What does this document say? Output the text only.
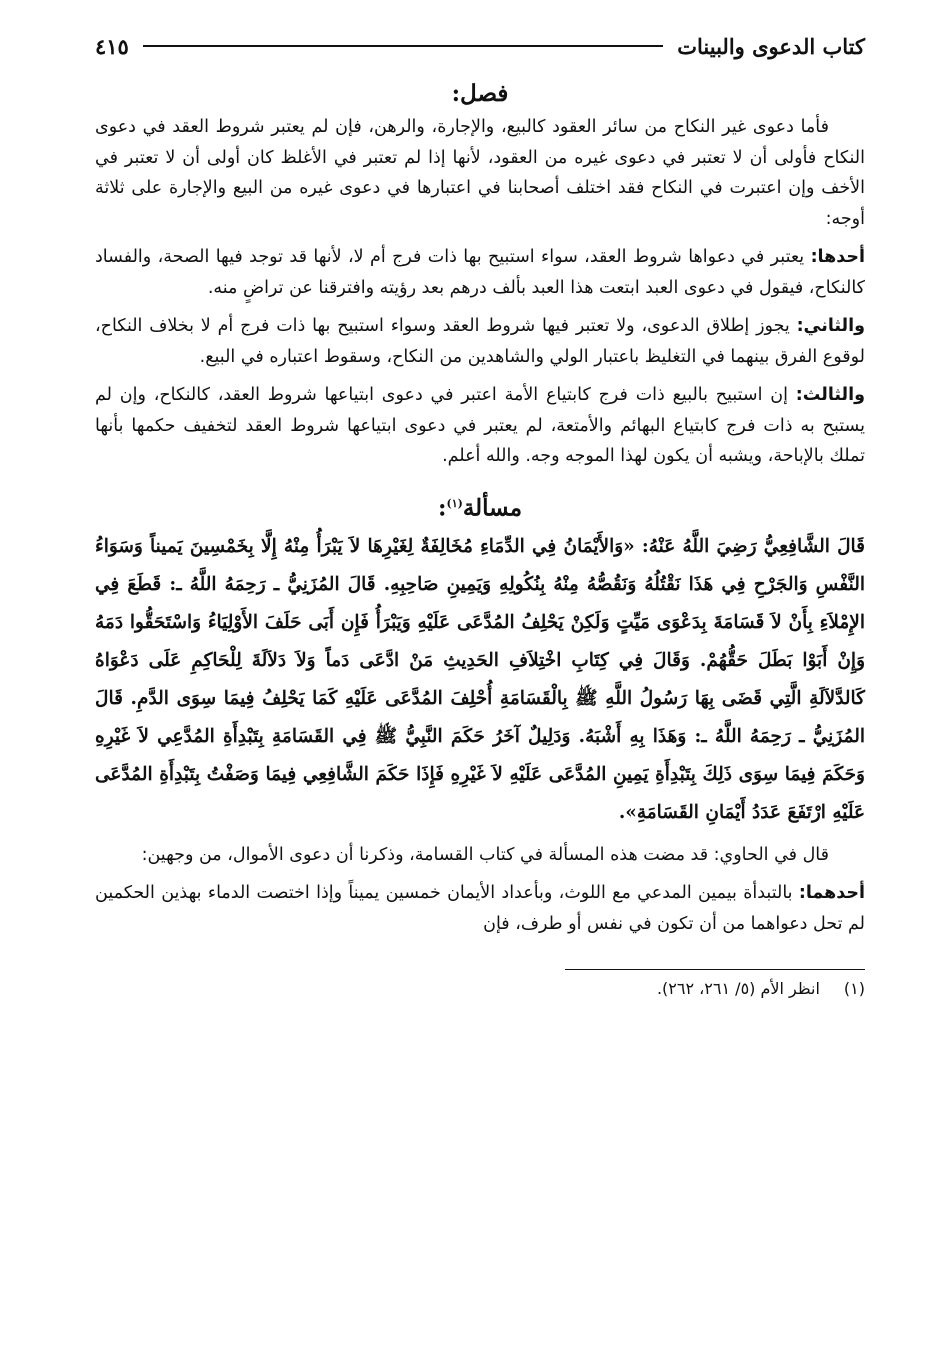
كتاب الدعوى والبينات
٤١٥
فصل:

فأما دعوى غير النكاح من سائر العقود كالبيع، والإجارة، والرهن، فإن لم يعتبر شروط العقد في دعوى النكاح فأولى أن لا تعتبر في دعوى غيره من العقود، لأنها إذا لم تعتبر في الأغلظ كان أولى أن لا تعتبر في الأخف وإن اعتبرت في النكاح فقد اختلف أصحابنا في اعتبارها في دعوى غيره من البيع والإجارة على ثلاثة أوجه:

أحدها: يعتبر في دعواها شروط العقد، سواء استبيح بها ذات فرج أم لا، لأنها قد توجد فيها الصحة، والفساد كالنكاح، فيقول في دعوى العبد ابتعت هذا العبد بألف درهم بعد رؤيته وافترقنا عن تراضٍ منه.

والثاني: يجوز إطلاق الدعوى، ولا تعتبر فيها شروط العقد وسواء استبيح بها ذات فرج أم لا بخلاف النكاح، لوقوع الفرق بينهما في التغليظ باعتبار الولي والشاهدين من النكاح، وسقوط اعتباره في البيع.

والثالث: إن استبيح بالبيع ذات فرج كابتياع الأمة اعتبر في دعوى ابتياعها شروط العقد، كالنكاح، وإن لم يستبح به ذات فرج كابتياع البهائم والأمتعة، لم يعتبر في دعوى ابتياعها شروط العقد لتخفيف حكمها بأنها تملك بالإباحة، ويشبه أن يكون لهذا الموجه وجه. والله أعلم.

مسألة$^{(١)}$:
قَالَ الشَّافِعِيُّ رَضِيَ اللَّهُ عَنْهُ: «وَالأَيْمَانُ فِي الدِّمَاءِ مُخَالِفَةٌ لِغَيْرِهَا لاَ يَبْرَأُ مِنْهُ إِلَّا بِخَمْسِينَ يَميناً وَسَوَاءُ النَّفْسِ وَالجَرْحِ فِي هَذَا نَقْتُلُهُ وَنَقُصُّهُ مِنْهُ بِنُكُولِهِ وَيَمِينِ صَاحِبِهِ. قَالَ المُزَنِيُّ ـ رَحِمَهُ اللَّهُ ـ: قَطَعَ فِي الإِمْلاَءِ بِأَنْ لاَ قَسَامَةَ بِدَعْوَى مَيِّتٍ وَلَكِنْ يَحْلِفُ المُدَّعَى عَلَيْهِ وَيَبْرَأُ فَإِن أَبَى حَلَفَ الأَوْلِيَاءُ وَاسْتَحَقُّوا دَمَهُ وَإِنْ أَبَوْا بَطَلَ حَقُّهُمْ. وَقَالَ فِي كِتَابِ اخْتِلاَفِ الحَدِيثِ مَنْ ادَّعَى دَماً وَلاَ دَلاَلَةَ لِلْحَاكِمِ عَلَى دَعْوَاهُ كَالدَّلاَلَةِ الَّتِي قَضَى بِهَا رَسُولُ اللَّهِ ﷺ بِالْقَسَامَةِ أُحْلِفَ المُدَّعَى عَلَيْهِ كَمَا يَحْلِفُ فِيمَا سِوَى الدَّمِ. قَالَ المُزَنِيُّ ـ رَحِمَهُ اللَّهُ ـ: وَهَذَا بِهِ أَشْبَهُ. وَدَلِيلٌ آخَرُ حَكَمَ النَّبِيُّ ﷺ فِي القَسَامَةِ بِتَبْدِأَةِ المُدَّعِي لاَ غَيْرِهِ وَحَكَمَ فِيمَا سِوَى ذَلِكَ بِتَبْدِأَةِ يَمِينِ المُدَّعَى عَلَيْهِ لاَ غَيْرِهِ فَإِذَا حَكَمَ الشَّافِعِي فِيمَا وَصَفْتُ بِتَبْدِأَةِ المُدَّعَى عَلَيْهِ ارْتَفَعَ عَدَدُ أَيْمَانِ القَسَامَةِ».

قال في الحاوي: قد مضت هذه المسألة في كتاب القسامة، وذكرنا أن دعوى الأموال، من وجهين:

أحدهما: بالتبدأة بيمين المدعي مع اللوث، وبأعداد الأيمان خمسين يميناً وإذا اختصت الدماء بهذين الحكمين لم تحل دعواهما من أن تكون في نفس أو طرف، فإن

(١)انظر الأم (٥/ ٢٦١، ٢٦٢).
